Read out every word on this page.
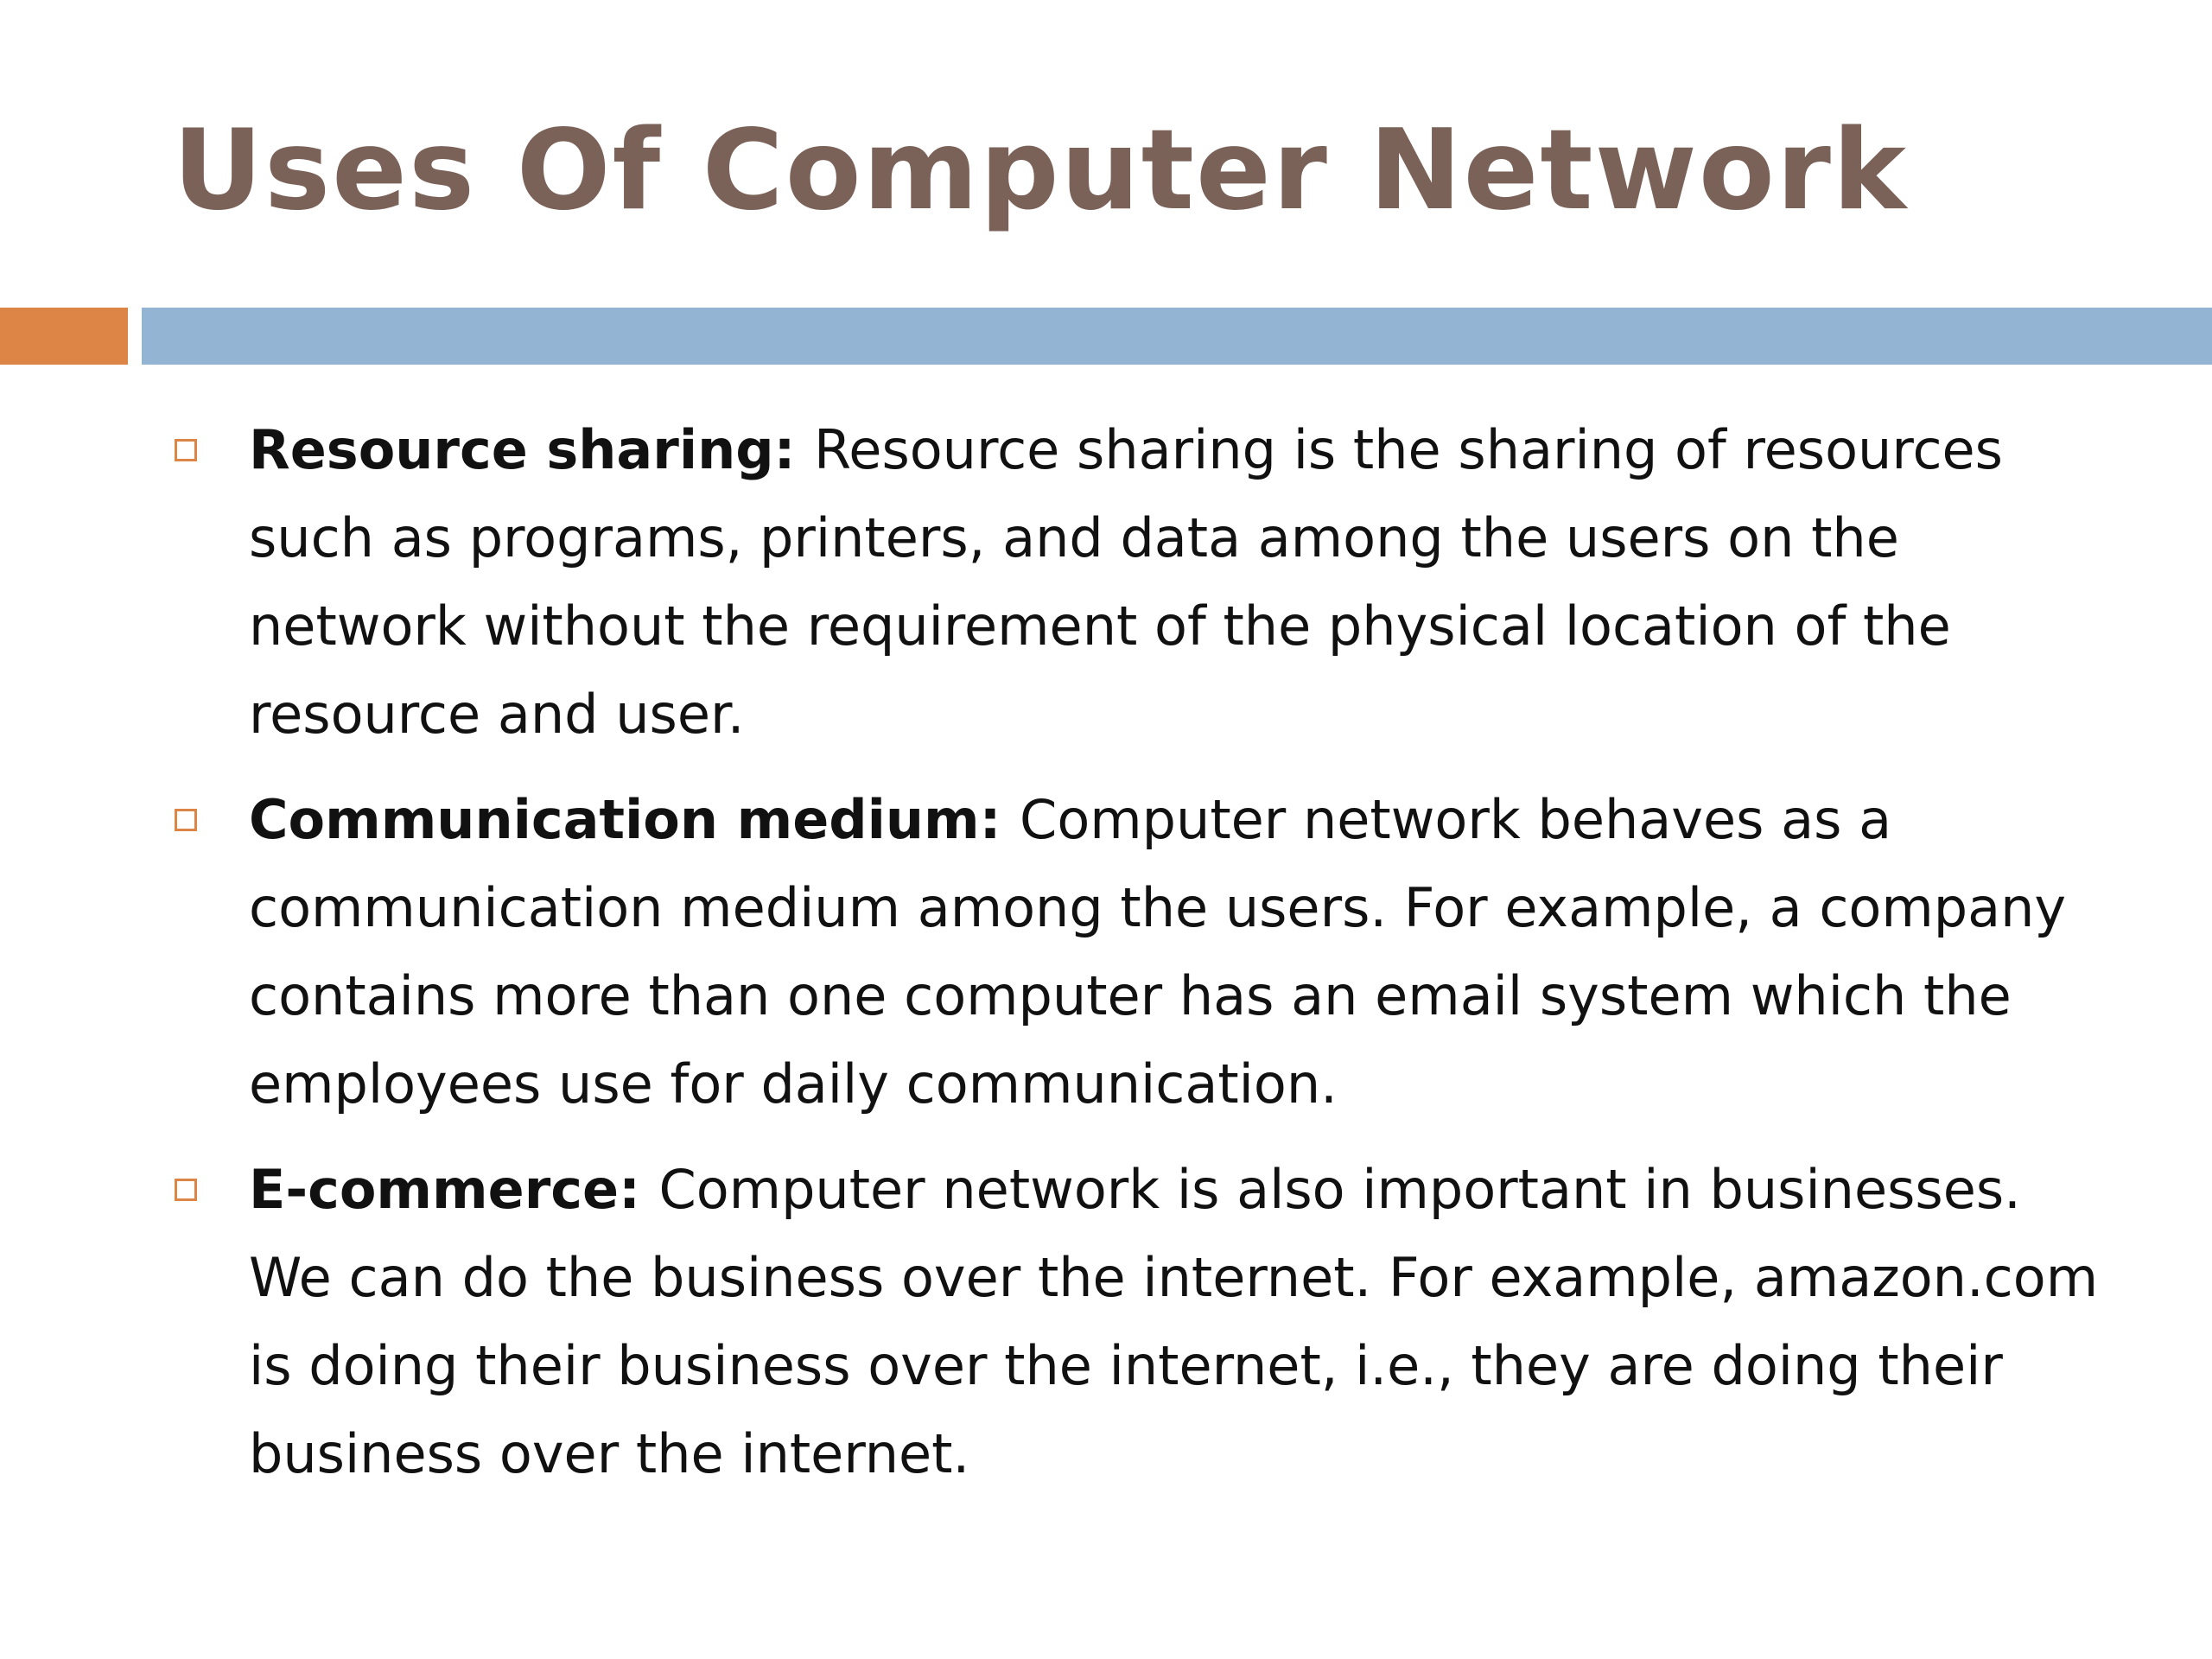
Uses Of Computer Network
Resource sharing: Resource sharing is the sharing of resources such as programs, printers, and data among the users on the network without the requirement of the physical location of the resource and user.
Communication medium: Computer network behaves as a communication medium among the users. For example, a company contains more than one computer has an email system which the employees use for daily communication.
E-commerce: Computer network is also important in businesses. We can do the business over the internet. For example, amazon.com is doing their business over the internet, i.e., they are doing their business over the internet.
